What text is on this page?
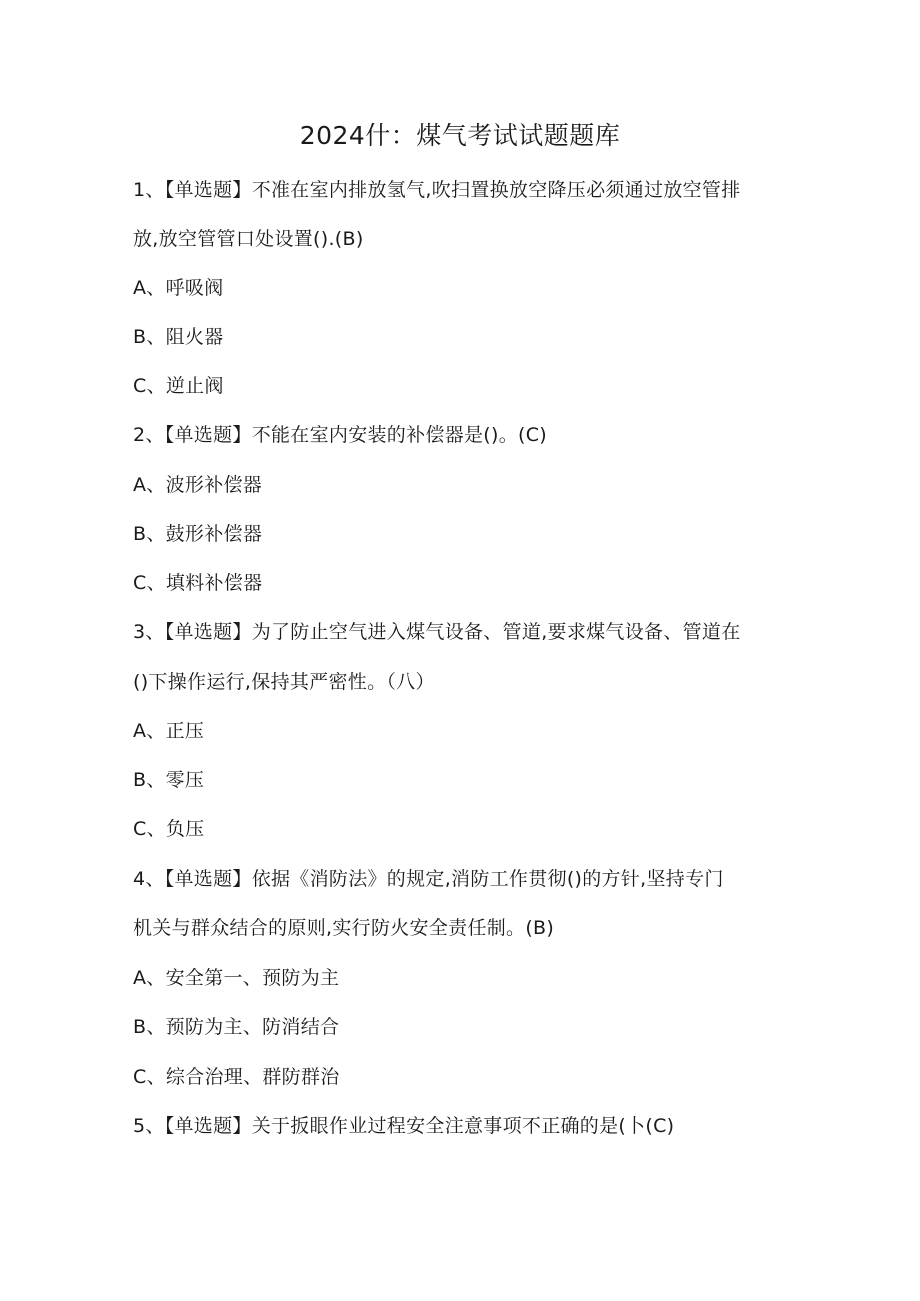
2024什：煤气考试试题题库
1、【单选题】不准在室内排放氢气,吹扫置换放空降压必须通过放空管排
放,放空管管口处设置().(B)
A、呼吸阀
B、阻火器
C、逆止阀
2、【单选题】不能在室内安装的补偿器是()。(C)
A、波形补偿器
B、鼓形补偿器
C、填料补偿器
3、【单选题】为了防止空气进入煤气设备、管道,要求煤气设备、管道在
()下操作运行,保持其严密性。（八）
A、正压
B、零压
C、负压
4、【单选题】依据《消防法》的规定,消防工作贯彻()的方针,坚持专门
机关与群众结合的原则,实行防火安全责任制。(B)
A、安全第一、预防为主
B、预防为主、防消结合
C、综合治理、群防群治
5、【单选题】关于扳眼作业过程安全注意事项不正确的是(卜(C)
